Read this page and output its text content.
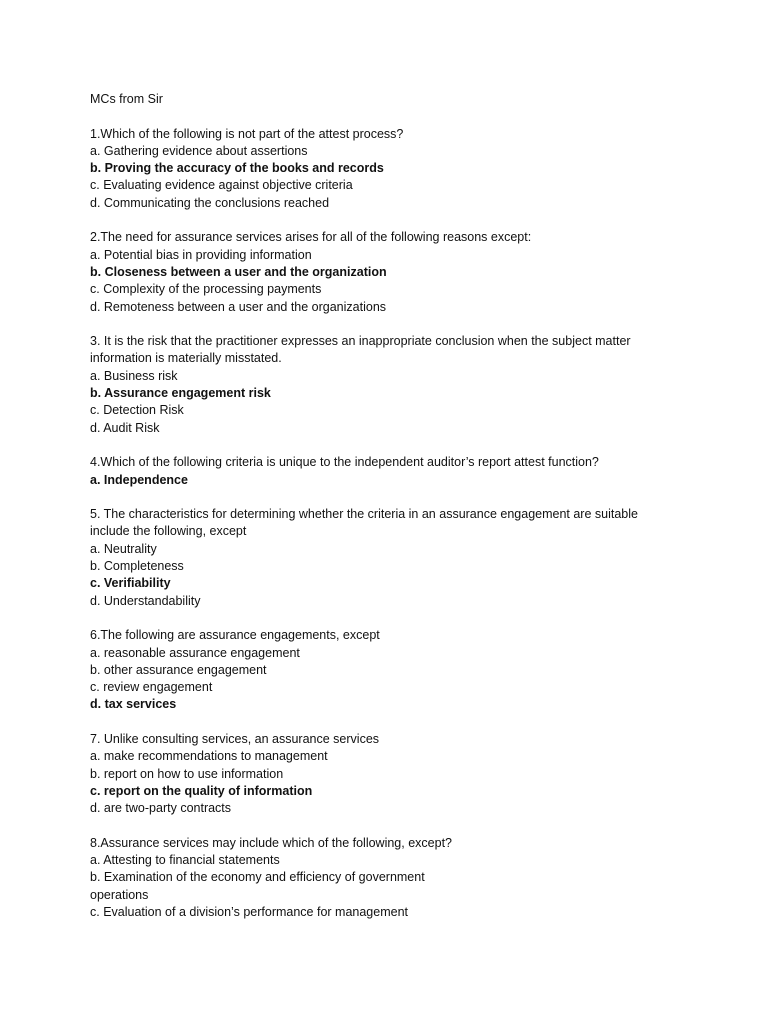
MCs from Sir
1.Which of the following is not part of the attest process?
a. Gathering evidence about assertions
b. Proving the accuracy of the books and records
c. Evaluating evidence against objective criteria
d. Communicating the conclusions reached
2.The need for assurance services arises for all of the following reasons except:
a. Potential bias in providing information
b. Closeness between a user and the organization
c. Complexity of the processing payments
d. Remoteness between a user and the organizations
3. It is the risk that the practitioner expresses an inappropriate conclusion when the subject matter information is materially misstated.
a. Business risk
b. Assurance engagement risk
c. Detection Risk
d. Audit Risk
4.Which of the following criteria is unique to the independent auditor’s report attest function?
a. Independence
5. The characteristics for determining whether the criteria in an assurance engagement are suitable include the following, except
a. Neutrality
b. Completeness
c. Verifiability
d. Understandability
6.The following are assurance engagements, except
a. reasonable assurance engagement
b. other assurance engagement
c. review engagement
d. tax services
7. Unlike consulting services, an assurance services
a. make recommendations to management
b. report on how to use information
c. report on the quality of information
d. are two-party contracts
8.Assurance services may include which of the following, except?
a. Attesting to financial statements
b. Examination of the economy and efficiency of government operations
c. Evaluation of a division’s performance for management
